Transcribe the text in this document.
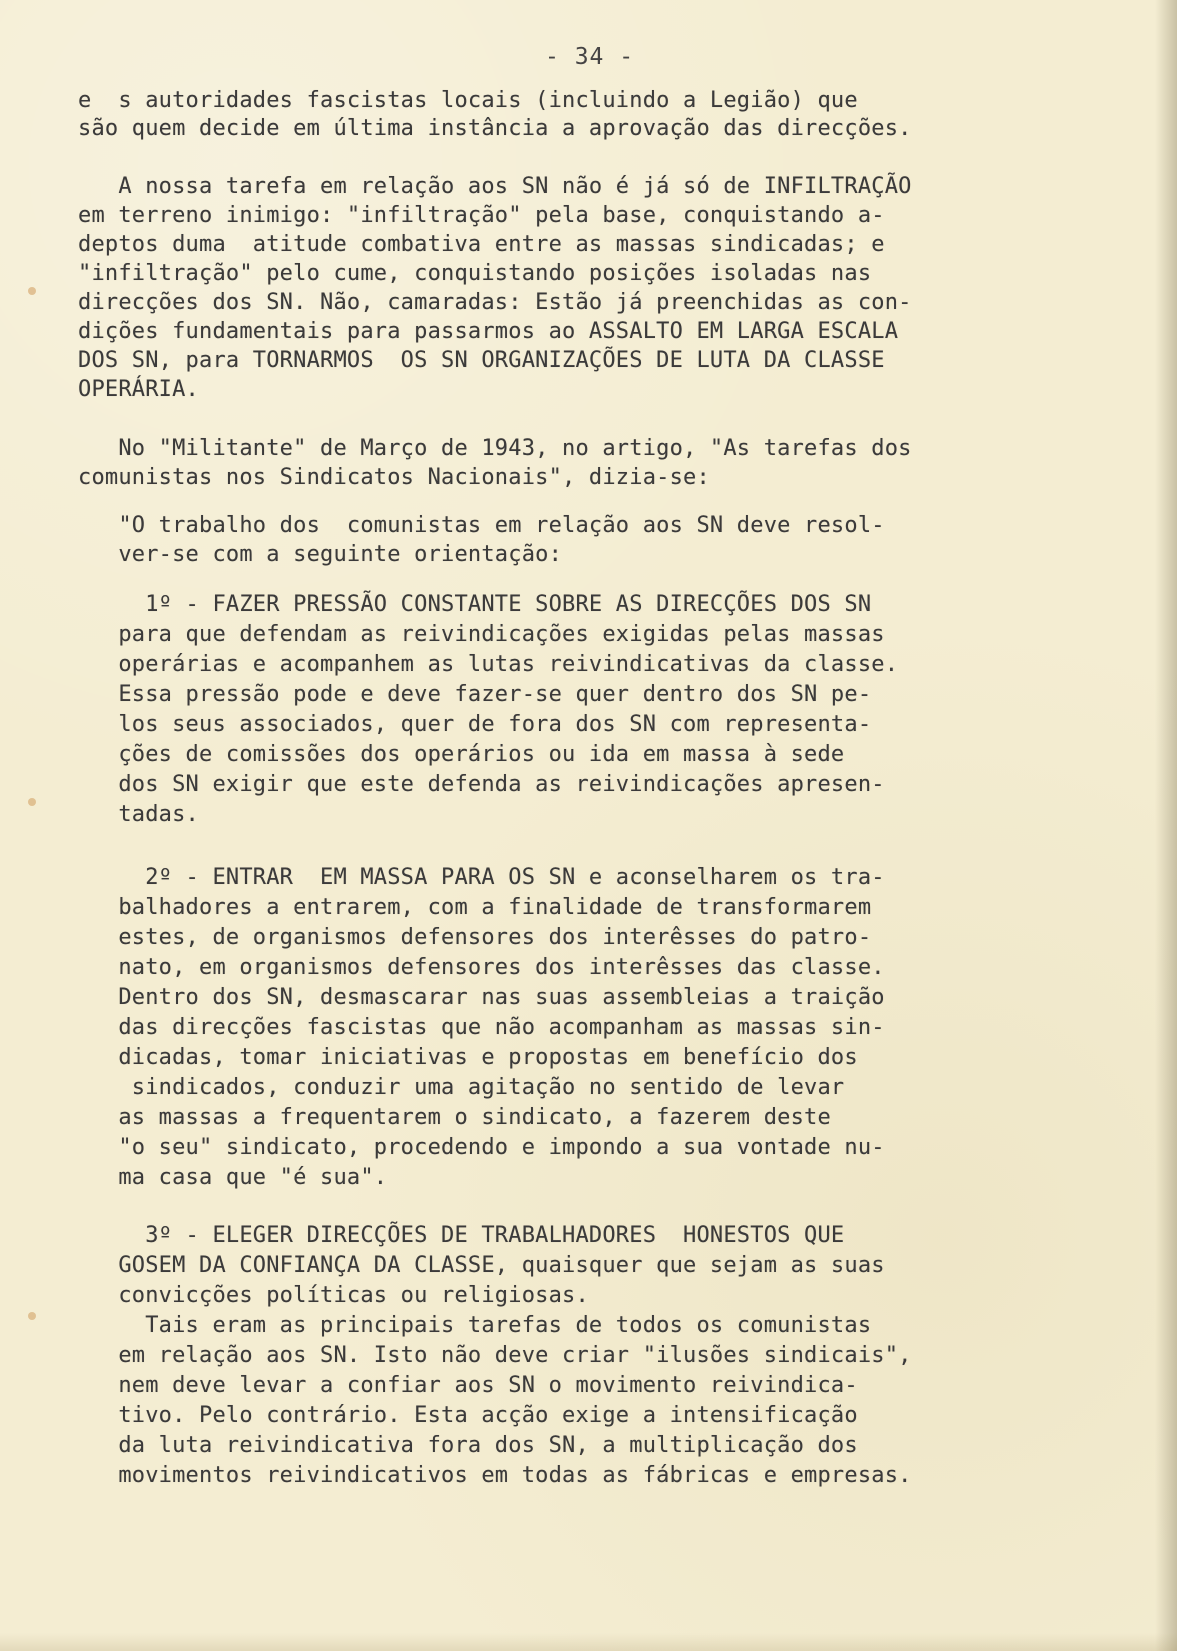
- 34 -
e  s autoridades fascistas locais (incluindo a Legião) que
são quem decide em última instância a aprovação das direcções.
A nossa tarefa em relação aos SN não é já só de INFILTRAÇÃO
em terreno inimigo: "infiltração" pela base, conquistando a-
deptos duma  atitude combativa entre as massas sindicadas; e
"infiltração" pelo cume, conquistando posições isoladas nas
direcções dos SN. Não, camaradas: Estão já preenchidas as con-
dições fundamentais para passarmos ao ASSALTO EM LARGA ESCALA
DOS SN, para TORNARMOS  OS SN ORGANIZAÇÕES DE LUTA DA CLASSE
OPERÁRIA.
No "Militante" de Março de 1943, no artigo, "As tarefas dos
comunistas nos Sindicatos Nacionais", dizia-se:
"O trabalho dos  comunistas em relação aos SN deve resol-
ver-se com a seguinte orientação:
1º - FAZER PRESSÃO CONSTANTE SOBRE AS DIRECÇÕES DOS SN
para que defendam as reivindicações exigidas pelas massas
operárias e acompanhem as lutas reivindicativas da classe.
Essa pressão pode e deve fazer-se quer dentro dos SN pe-
los seus associados, quer de fora dos SN com representa-
ções de comissões dos operários ou ida em massa à sede
dos SN exigir que este defenda as reivindicações apresen-
tadas.
2º - ENTRAR  EM MASSA PARA OS SN e aconselharem os tra-
balhadores a entrarem, com a finalidade de transformarem
estes, de organismos defensores dos interêsses do patro-
nato, em organismos defensores dos interêsses das classe.
Dentro dos SN, desmascarar nas suas assembleias a traição
das direcções fascistas que não acompanham as massas sin-
dicadas, tomar iniciativas e propostas em benefício dos
sindicados, conduzir uma agitação no sentido de levar
as massas a frequentarem o sindicato, a fazerem deste
"o seu" sindicato, procedendo e impondo a sua vontade nu-
ma casa que "é sua".
3º - ELEGER DIRECÇÕES DE TRABALHADORES  HONESTOS QUE
GOSEM DA CONFIANÇA DA CLASSE, quaisquer que sejam as suas
convicções políticas ou religiosas.
Tais eram as principais tarefas de todos os comunistas
em relação aos SN. Isto não deve criar "ilusões sindicais",
nem deve levar a confiar aos SN o movimento reivindica-
tivo. Pelo contrário. Esta acção exige a intensificação
da luta reivindicativa fora dos SN, a multiplicação dos
movimentos reivindicativos em todas as fábricas e empresas.
